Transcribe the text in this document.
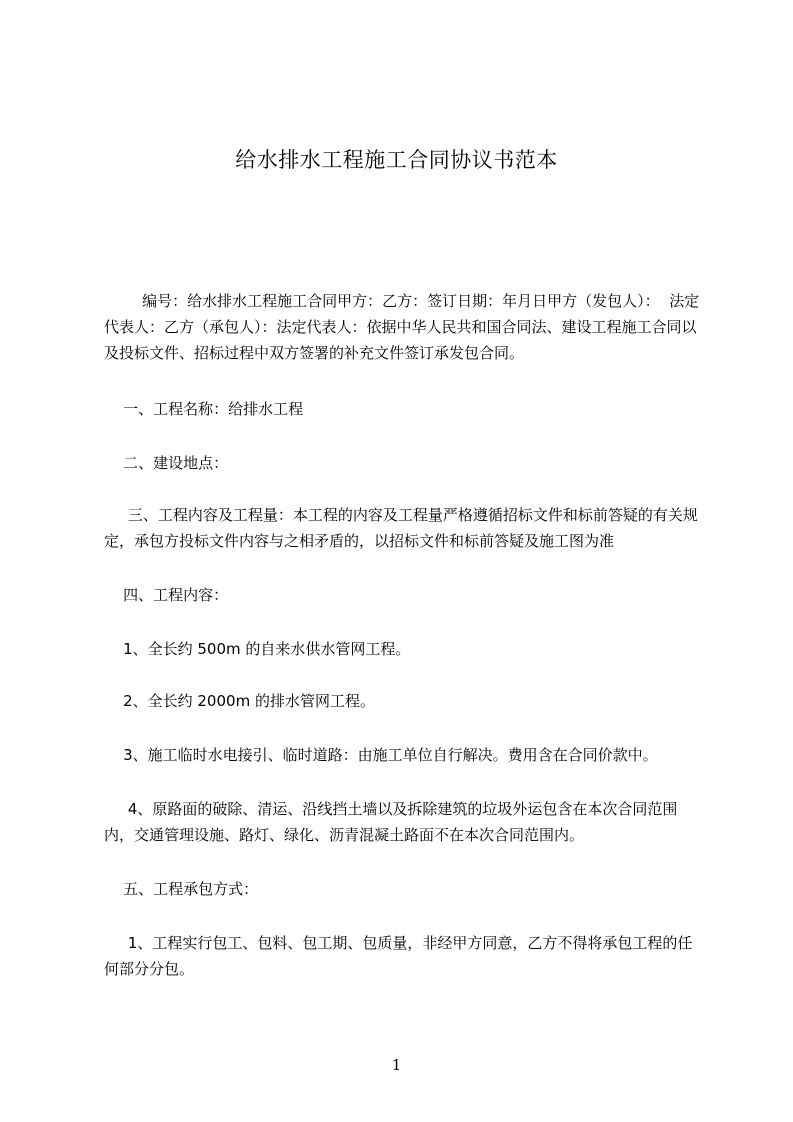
给水排水工程施工合同协议书范本

编号：给水排水工程施工合同甲方：乙方：签订日期：年月日甲方（发包人）：  法定代表人：乙方（承包人）：法定代表人：依据中华人民共和国合同法、建设工程施工合同以及投标文件、招标过程中双方签署的补充文件签订承发包合同。

一、工程名称：给排水工程

二、建设地点：

三、工程内容及工程量：本工程的内容及工程量严格遵循招标文件和标前答疑的有关规定，承包方投标文件内容与之相矛盾的，以招标文件和标前答疑及施工图为准

四、工程内容：

1、全长约 500m 的自来水供水管网工程。

2、全长约 2000m 的排水管网工程。

3、施工临时水电接引、临时道路：由施工单位自行解决。费用含在合同价款中。

4、原路面的破除、清运、沿线挡土墙以及拆除建筑的垃圾外运包含在本次合同范围内，交通管理设施、路灯、绿化、沥青混凝土路面不在本次合同范围内。

五、工程承包方式：

1、工程实行包工、包料、包工期、包质量，非经甲方同意，乙方不得将承包工程的任何部分分包。

1
